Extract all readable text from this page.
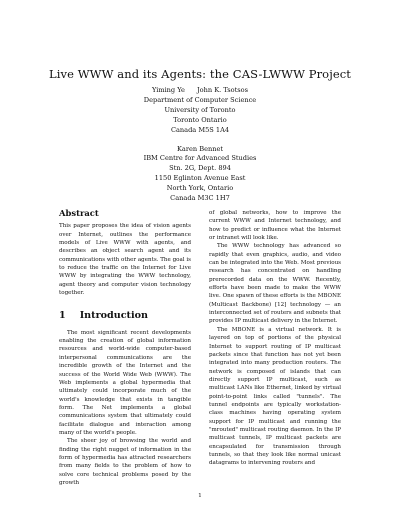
Live WWW and its Agents: the CAS-LWWW Project
Yiming Ye John K. Tsotsos
Department of Computer Science
University of Toronto
Toronto Ontario
Canada M5S 1A4
Karen Bennet
IBM Centre for Advanced Studies
Stn. 2G, Dept. 894
1150 Eglinton Avenue East
North York, Ontario
Canada M3C 1H7
Abstract

This paper proposes the idea of vision agents over Internet, outlines the performance models of Live WWW with agents, and describes an object search agent and its communications with other agents. The goal is to reduce the traffic on the Internet for Live WWW by integrating the WWW technology, agent theory and computer vision technology together.

1 Introduction

The most significant recent developments enabling the creation of global information resources and world-wide computer-based interpersonal communications are the incredible growth of the Internet and the success of the World Wide Web (WWW). The Web implements a global hypermedia that ultimately could incorporate much of the world's knowledge that exists in tangible form. The Net implements a global communications system that ultimately could facilitate dialogue and interaction among many of the world's people.

The sheer joy of browsing the world and finding the right nugget of information in the form of hypermedia has attracted researchers from many fields to the problem of how to solve core technical problems posed by the growth

of global networks, how to improve the current WWW and Internet technology, and how to predict or influence what the Internet or intranet will look like.

The WWW technology has advanced so rapidly that even graphics, audio, and video can be integrated into the Web. Most previous research has concentrated on handling prerecorded data on the WWW. Recently, efforts have been made to make the WWW live. One spawn of these efforts is the MBONE (Multicast Backbone) [12] technology — an interconnected set of routers and subnets that provides IP multicast delivery in the Internet.

The MBONE is a virtual network. It is layered on top of portions of the physical Internet to support routing of IP multicast packets since that function has not yet been integrated into many production routers. The network is composed of islands that can directly support IP multicast, such as multicast LANs like Ethernet, linked by virtual point-to-point links called "tunnels". The tunnel endpoints are typically workstation-class machines having operating system support for IP multicast and running the "mrouted" multicast routing daemon. In the IP multicast tunnels, IP multicast packets are encapsulated for transmission through tunnels, so that they look like normal unicast datagrams to intervening routers and

1
